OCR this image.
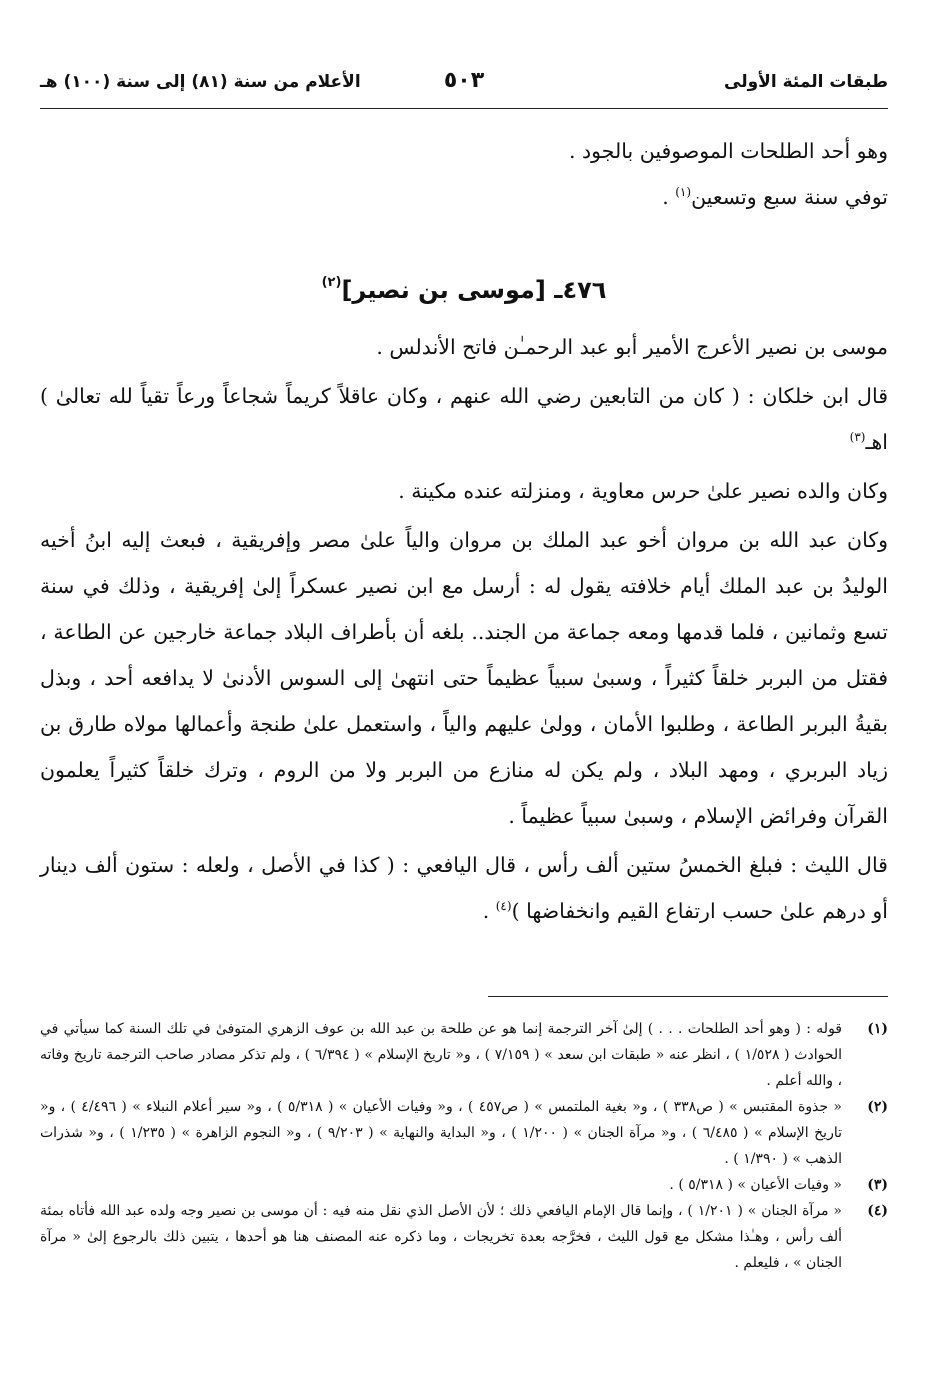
طبقات المئة الأولى
٥٠٣
الأعلام من سنة (٨١) إلى سنة (١٠٠) هـ

وهو أحد الطلحات الموصوفين بالجود .

توفي سنة سبع وتسعين$^{(١)}$ .

٤٧٦ـ [موسى بن نصير]$^{(٢)}$

موسى بن نصير الأعرج الأمير أبو عبد الرحمـٰن فاتح الأندلس .

قال ابن خلكان : ( كان من التابعين رضي الله عنهم ، وكان عاقلاً كريماً شجاعاً ورعاً تقياً لله تعالىٰ ) اهـ$^{(٣)}$

وكان والده نصير علىٰ حرس معاوية ، ومنزلته عنده مكينة .

وكان عبد الله بن مروان أخو عبد الملك بن مروان والياً علىٰ مصر وإفريقية ، فبعث إليه ابنُ أخيه الوليدُ بن عبد الملك أيام خلافته يقول له : أرسل مع ابن نصير عسكراً إلىٰ إفريقية ، وذلك في سنة تسع وثمانين ، فلما قدمها ومعه جماعة من الجند.. بلغه أن بأطراف البلاد جماعة خارجين عن الطاعة ، فقتل من البربر خلقاً كثيراً ، وسبىٰ سبياً عظيماً حتى انتهىٰ إلى السوس الأدنىٰ لا يدافعه أحد ، وبذل بقيةُ البربر الطاعة ، وطلبوا الأمان ، وولىٰ عليهم والياً ، واستعمل علىٰ طنجة وأعمالها مولاه طارق بن زياد البربري ، ومهد البلاد ، ولم يكن له منازع من البربر ولا من الروم ، وترك خلقاً كثيراً يعلمون القرآن وفرائض الإسلام ، وسبىٰ سبياً عظيماً .

قال الليث : فبلغ الخمسُ ستين ألف رأس ، قال اليافعي : ( كذا في الأصل ، ولعله : ستون ألف دينار أو درهم علىٰ حسب ارتفاع القيم وانخفاضها )$^{(٤)}$ .

(١)
قوله : ( وهو أحد الطلحات . . . ) إلىٰ آخر الترجمة إنما هو عن طلحة بن عبد الله بن عوف الزهري المتوفىٰ في تلك السنة كما سيأتي في الحوادث ( ١/٥٢٨ ) ، انظر عنه « طبقات ابن سعد » ( ٧/١٥٩ ) ، و« تاريخ الإسلام » ( ٦/٣٩٤ ) ، ولم تذكر مصادر صاحب الترجمة تاريخ وفاته ، والله أعلم .
(٢)
« جذوة المقتبس » ( ص٣٣٨ ) ، و« بغية الملتمس » ( ص٤٥٧ ) ، و« وفيات الأعيان » ( ٥/٣١٨ ) ، و« سير أعلام النبلاء » ( ٤/٤٩٦ ) ، و« تاريخ الإسلام » ( ٦/٤٨٥ ) ، و« مرآة الجنان » ( ١/٢٠٠ ) ، و« البداية والنهاية » ( ٩/٢٠٣ ) ، و« النجوم الزاهرة » ( ١/٢٣٥ ) ، و« شذرات الذهب » ( ١/٣٩٠ ) .
(٣)
« وفيات الأعيان » ( ٥/٣١٨ ) .
(٤)
« مرآة الجنان » ( ١/٢٠١ ) ، وإنما قال الإمام اليافعي ذلك ؛ لأن الأصل الذي نقل منه فيه : أن موسى بن نصير وجه ولده عبد الله فأتاه بمئة ألف رأس ، وهـٰذا مشكل مع قول الليث ، فخرَّجه بعدة تخريجات ، وما ذكره عنه المصنف هنا هو أحدها ، يتبين ذلك بالرجوع إلىٰ « مرآة الجنان » ، فليعلم .
